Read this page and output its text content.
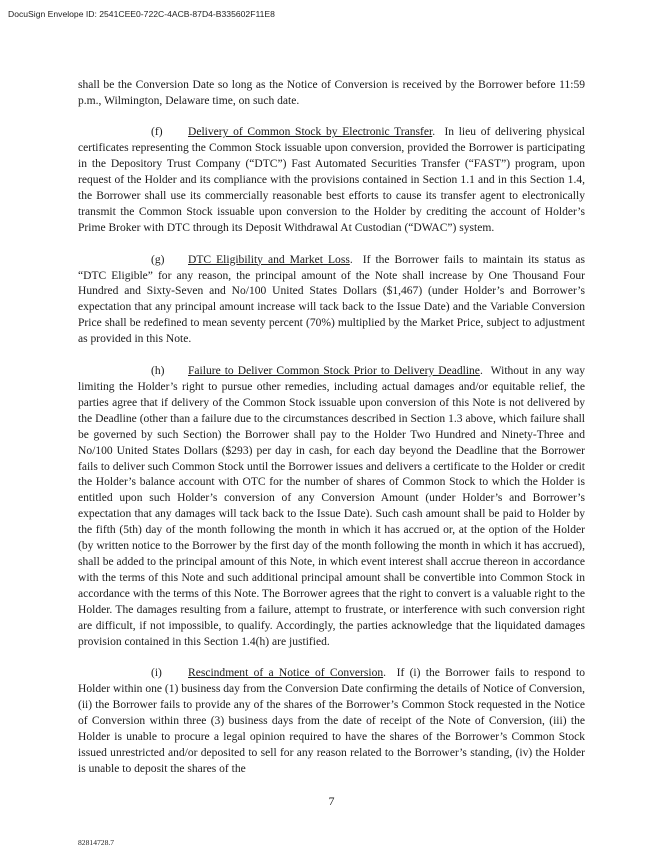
DocuSign Envelope ID: 2541CEE0-722C-4ACB-87D4-B335602F11E8

shall be the Conversion Date so long as the Notice of Conversion is received by the Borrower before 11:59 p.m., Wilmington, Delaware time, on such date.

(f) Delivery of Common Stock by Electronic Transfer.  In lieu of delivering physical certificates representing the Common Stock issuable upon conversion, provided the Borrower is participating in the Depository Trust Company (“DTC”) Fast Automated Securities Transfer (“FAST”) program, upon request of the Holder and its compliance with the provisions contained in Section 1.1 and in this Section 1.4, the Borrower shall use its commercially reasonable best efforts to cause its transfer agent to electronically transmit the Common Stock issuable upon conversion to the Holder by crediting the account of Holder’s Prime Broker with DTC through its Deposit Withdrawal At Custodian (“DWAC”) system.

(g) DTC Eligibility and Market Loss.  If the Borrower fails to maintain its status as “DTC Eligible” for any reason, the principal amount of the Note shall increase by One Thousand Four Hundred and Sixty-Seven and No/100 United States Dollars ($1,467) (under Holder’s and Borrower’s expectation that any principal amount increase will tack back to the Issue Date) and the Variable Conversion Price shall be redefined to mean seventy percent (70%) multiplied by the Market Price, subject to adjustment as provided in this Note.

(h) Failure to Deliver Common Stock Prior to Delivery Deadline.  Without in any way limiting the Holder’s right to pursue other remedies, including actual damages and/or equitable relief, the parties agree that if delivery of the Common Stock issuable upon conversion of this Note is not delivered by the Deadline (other than a failure due to the circumstances described in Section 1.3 above, which failure shall be governed by such Section) the Borrower shall pay to the Holder Two Hundred and Ninety-Three and No/100 United States Dollars ($293) per day in cash, for each day beyond the Deadline that the Borrower fails to deliver such Common Stock until the Borrower issues and delivers a certificate to the Holder or credit the Holder’s balance account with OTC for the number of shares of Common Stock to which the Holder is entitled upon such Holder’s conversion of any Conversion Amount (under Holder’s and Borrower’s expectation that any damages will tack back to the Issue Date). Such cash amount shall be paid to Holder by the fifth (5th) day of the month following the month in which it has accrued or, at the option of the Holder (by written notice to the Borrower by the first day of the month following the month in which it has accrued), shall be added to the principal amount of this Note, in which event interest shall accrue thereon in accordance with the terms of this Note and such additional principal amount shall be convertible into Common Stock in accordance with the terms of this Note. The Borrower agrees that the right to convert is a valuable right to the Holder. The damages resulting from a failure, attempt to frustrate, or interference with such conversion right are difficult, if not impossible, to qualify. Accordingly, the parties acknowledge that the liquidated damages provision contained in this Section 1.4(h) are justified.

(i) Rescindment of a Notice of Conversion.  If (i) the Borrower fails to respond to Holder within one (1) business day from the Conversion Date confirming the details of Notice of Conversion, (ii) the Borrower fails to provide any of the shares of the Borrower’s Common Stock requested in the Notice of Conversion within three (3) business days from the date of receipt of the Note of Conversion, (iii) the Holder is unable to procure a legal opinion required to have the shares of the Borrower’s Common Stock issued unrestricted and/or deposited to sell for any reason related to the Borrower’s standing, (iv) the Holder is unable to deposit the shares of the

7
82814728.7
